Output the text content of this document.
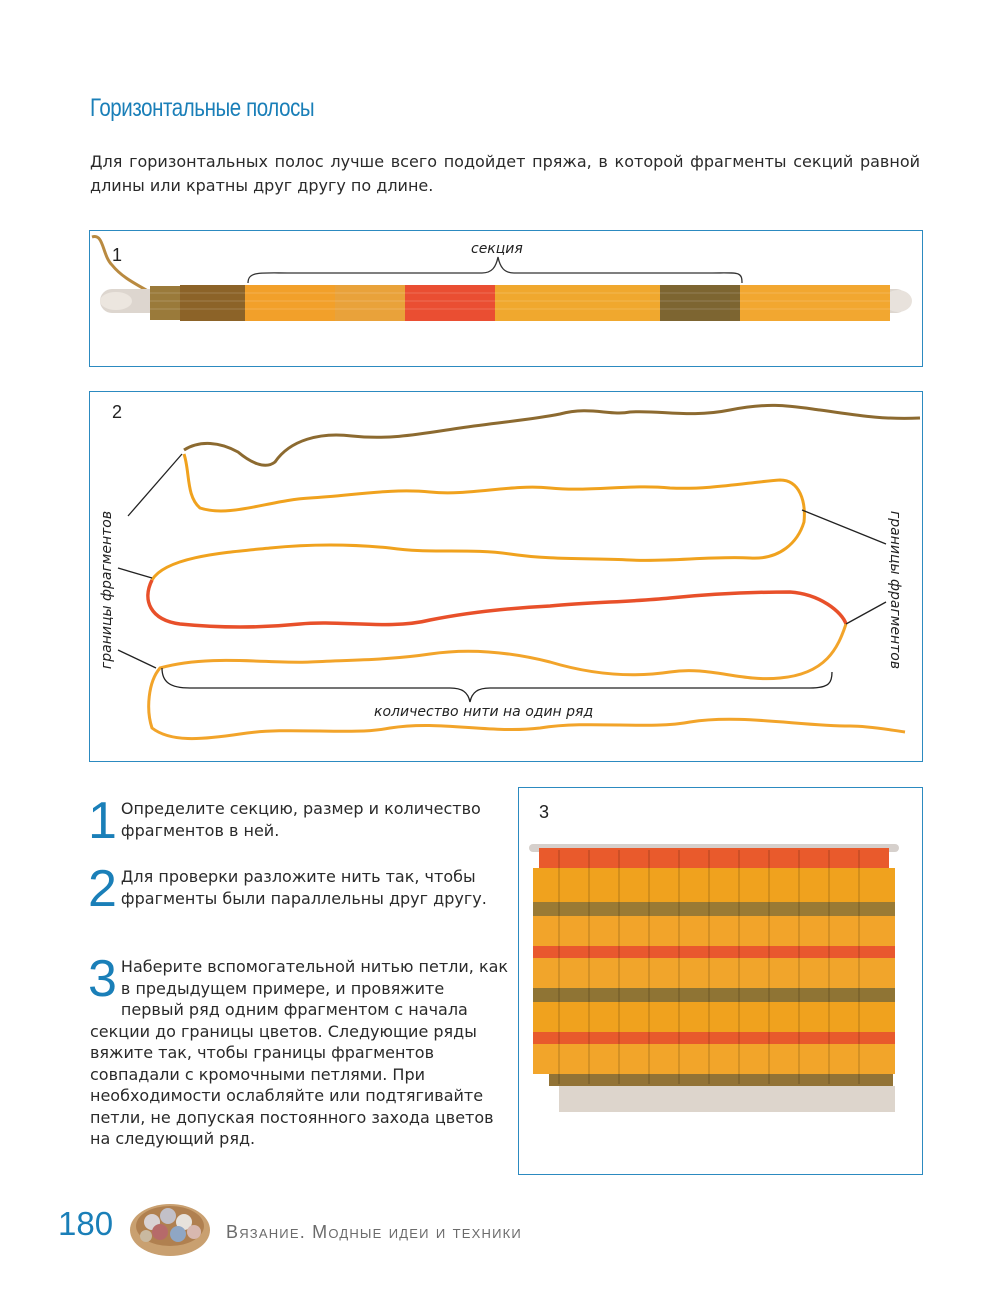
Горизонтальные полосы
Для горизонтальных полос лучше всего подойдет пряжа, в которой фрагменты секций равной длины или кратны друг другу по длине.
1	секция
2
границы фрагментов	границы фрагментов
количество нити на один ряд
1 Определите секцию, размер и количество фрагментов в ней.
2 Для проверки разложите нить так, чтобы фрагменты были параллельны друг другу.
3 Наберите вспомогательной нитью петли, как в предыдущем примере, и провяжите первый ряд одним фрагментом с начала секции до границы цветов. Следующие ряды вяжите так, чтобы границы фрагментов совпадали с кромочными петлями. При необходимости ослабляйте или подтягивайте петли, не допуская постоянного захода цветов на следующий ряд.
3
180	Вязание. Модные идеи и техники
